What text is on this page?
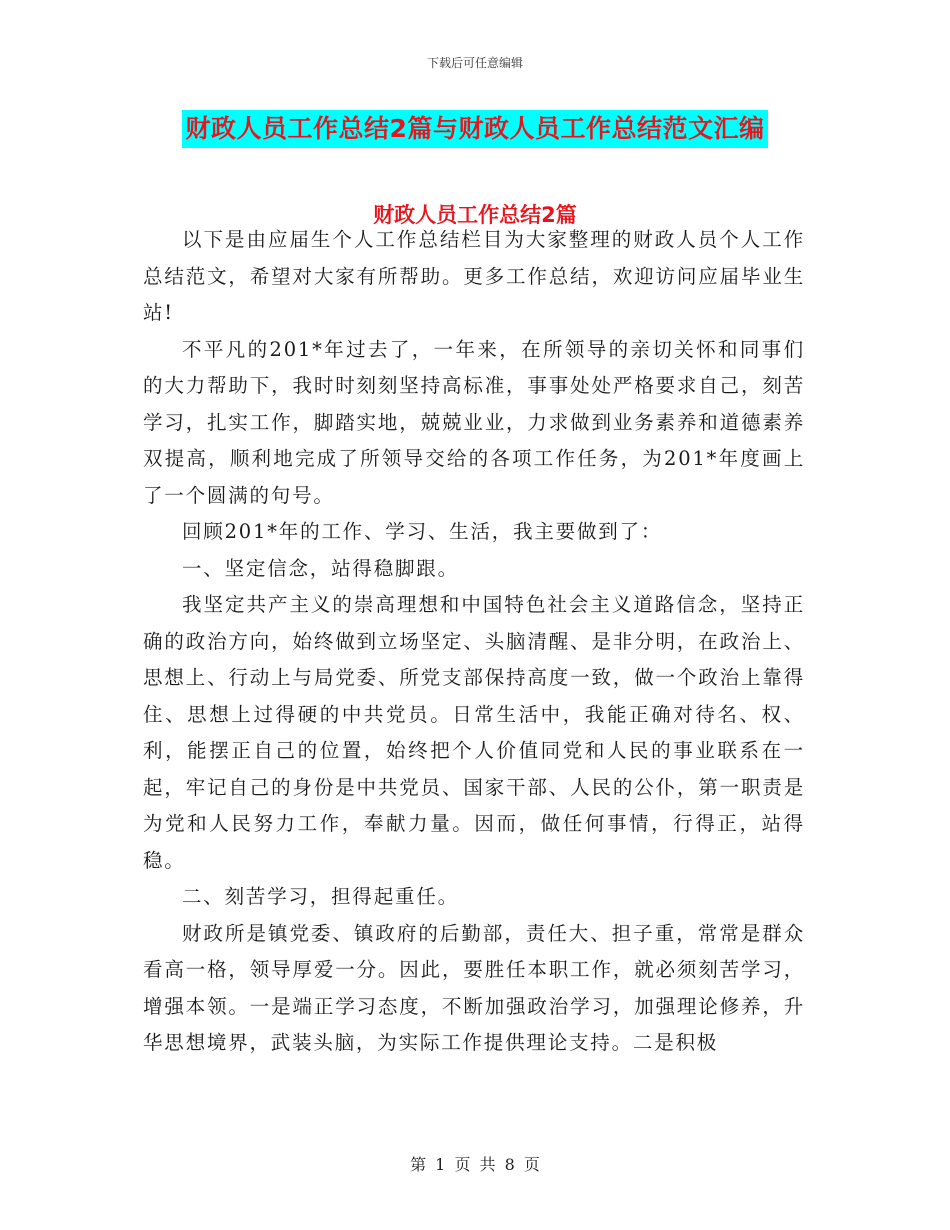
下载后可任意编辑
财政人员工作总结2篇与财政人员工作总结范文汇编
财政人员工作总结2篇

以下是由应届生个人工作总结栏目为大家整理的财政人员个人工作总结范文，希望对大家有所帮助。更多工作总结，欢迎访问应届毕业生站!

不平凡的201*年过去了，一年来，在所领导的亲切关怀和同事们的大力帮助下，我时时刻刻坚持高标准，事事处处严格要求自己，刻苦学习，扎实工作，脚踏实地，兢兢业业，力求做到业务素养和道德素养双提高，顺利地完成了所领导交给的各项工作任务，为201*年度画上了一个圆满的句号。

回顾201*年的工作、学习、生活，我主要做到了：

一、坚定信念，站得稳脚跟。

我坚定共产主义的崇高理想和中国特色社会主义道路信念，坚持正确的政治方向，始终做到立场坚定、头脑清醒、是非分明，在政治上、思想上、行动上与局党委、所党支部保持高度一致，做一个政治上靠得住、思想上过得硬的中共党员。日常生活中，我能正确对待名、权、利，能摆正自己的位置，始终把个人价值同党和人民的事业联系在一起，牢记自己的身份是中共党员、国家干部、人民的公仆，第一职责是为党和人民努力工作，奉献力量。因而，做任何事情，行得正，站得稳。

二、刻苦学习，担得起重任。

财政所是镇党委、镇政府的后勤部，责任大、担子重，常常是群众看高一格，领导厚爱一分。因此，要胜任本职工作，就必须刻苦学习，增强本领。一是端正学习态度，不断加强政治学习，加强理论修养，升华思想境界，武装头脑，为实际工作提供理论支持。二是积极

第 1 页 共 8 页
